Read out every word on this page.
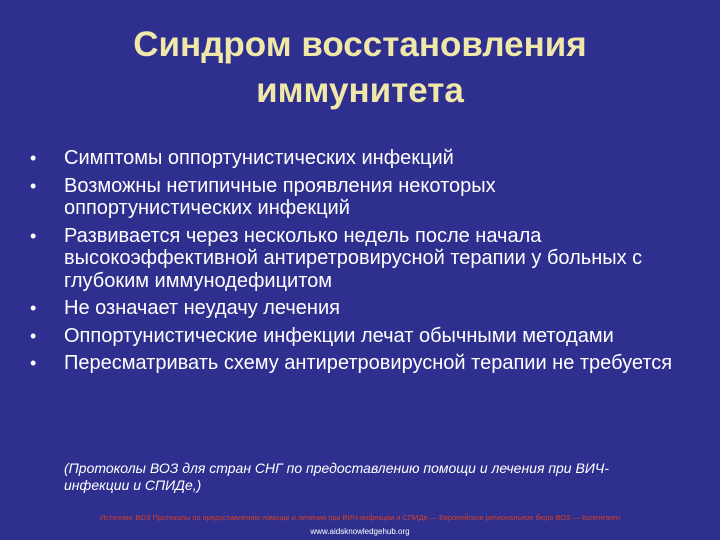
Синдром восстановления
иммунитета
• Симптомы оппортунистических инфекций
• Возможны нетипичные проявления некоторых оппортунистических инфекций
• Развивается через несколько недель после начала высокоэффективной антиретровирусной терапии у больных с глубоким иммунодефицитом
• Не означает неудачу лечения
• Оппортунистические инфекции лечат обычными методами
• Пересматривать схему антиретровирусной терапии не требуется
(Протоколы ВОЗ для стран СНГ по предоставлению помощи и лечения при ВИЧ-инфекции и СПИДе,)
Источник: ВОЗ Протоколы по предоставлению помощи и лечения при ВИЧ-инфекции и СПИДе — Европейское региональное бюро ВОЗ — Копенгаген
www.aidsknowledgehub.org
